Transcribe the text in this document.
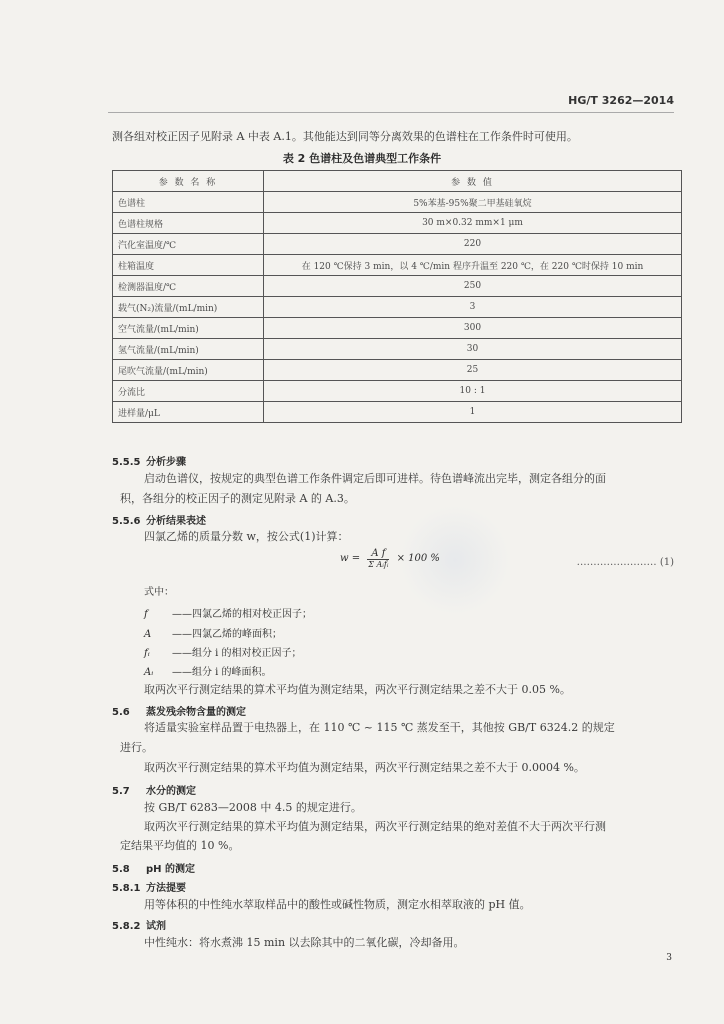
HG/T 3262—2014
测各组对校正因子见附录 A 中表 A.1。其他能达到同等分离效果的色谱柱在工作条件时可使用。
表 2 色谱柱及色谱典型工作条件
参 数 名 称	参 数 值
色谱柱	5%苯基-95%聚二甲基硅氧烷
色谱柱规格	30 m×0.32 mm×1 μm
汽化室温度/℃	220
柱箱温度	在 120 ℃保持 3 min，以 4 ℃/min 程序升温至 220 ℃，在 220 ℃时保持 10 min
检测器温度/℃	250
载气(N₂)流量/(mL/min)	3
空气流量/(mL/min)	300
氢气流量/(mL/min)	30
尾吹气流量/(mL/min)	25
分流比	10 : 1
进样量/μL	1
5.5.5 分析步骤
启动色谱仪，按规定的典型色谱工作条件调定后即可进样。待色谱峰流出完毕，测定各组分的面
积，各组分的校正因子的测定见附录 A 的 A.3。
5.5.6 分析结果表述
四氯乙烯的质量分数 w，按公式(1)计算：
$w = \frac{\text{A f}}{\text{Σ Aᵢfᵢ}} \times 100$ %	…………………… (1)
式中：
f ——四氯乙烯的相对校正因子；
A ——四氯乙烯的峰面积；
fᵢ ——组分 i 的相对校正因子；
Aᵢ ——组分 i 的峰面积。
取两次平行测定结果的算术平均值为测定结果，两次平行测定结果之差不大于 0.05 %。
5.6 蒸发残余物含量的测定
将适量实验室样品置于电热器上，在 110 ℃ ~ 115 ℃ 蒸发至干，其他按 GB/T 6324.2 的规定
进行。
取两次平行测定结果的算术平均值为测定结果，两次平行测定结果之差不大于 0.0004 %。
5.7 水分的测定
按 GB/T 6283—2008 中 4.5 的规定进行。
取两次平行测定结果的算术平均值为测定结果，两次平行测定结果的绝对差值不大于两次平行测
定结果平均值的 10 %。
5.8 pH 的测定
5.8.1 方法提要
用等体积的中性纯水萃取样品中的酸性或碱性物质，测定水相萃取液的 pH 值。
5.8.2 试剂
中性纯水：将水煮沸 15 min 以去除其中的二氧化碳，冷却备用。
3
